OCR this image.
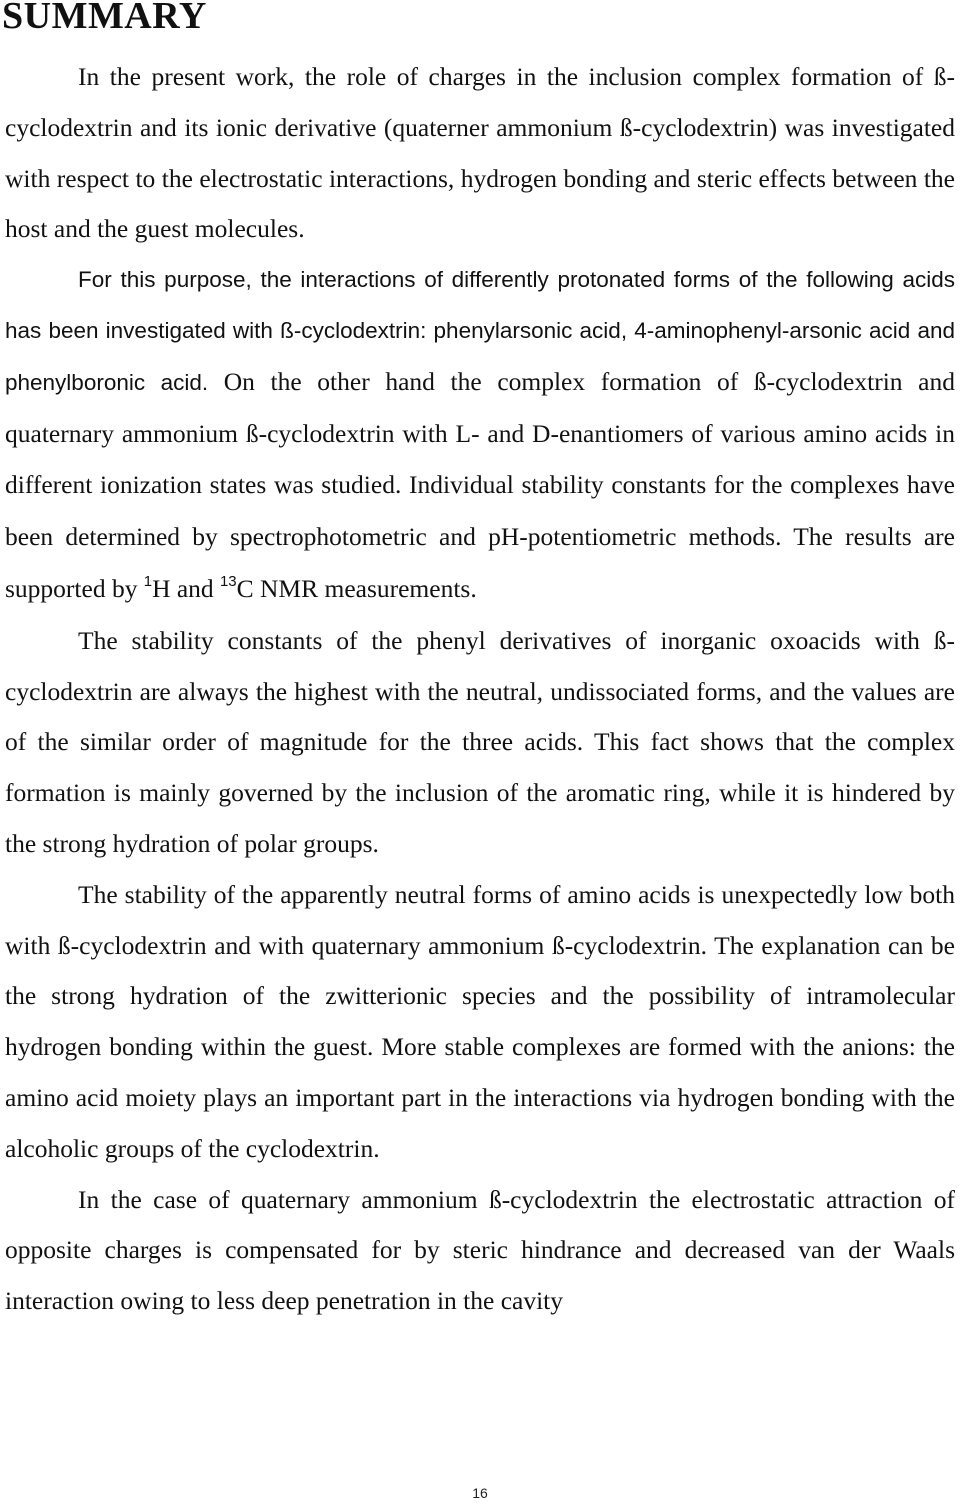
SUMMARY

In the present work, the role of charges in the inclusion complex formation of ß-cyclodextrin and its ionic derivative (quaterner ammonium ß-cyclodextrin) was investigated with respect to the electrostatic interactions, hydrogen bonding and steric effects between the host and the guest molecules.

For this purpose, the interactions of differently protonated forms of the following acids has been investigated with ß-cyclodextrin: phenylarsonic acid, 4-aminophenyl-arsonic acid and phenylboronic acid. On the other hand the complex formation of ß-cyclodextrin and quaternary ammonium ß-cyclodextrin with L- and D-enantiomers of various amino acids in different ionization states was studied. Individual stability constants for the complexes have been determined by spectrophotometric and pH-potentiometric methods. The results are supported by $^1$H and $^{13}$C NMR measurements.

The stability constants of the phenyl derivatives of inorganic oxoacids with ß-cyclodextrin are always the highest with the neutral, undissociated forms, and the values are of the similar order of magnitude for the three acids. This fact shows that the complex formation is mainly governed by the inclusion of the aromatic ring, while it is hindered by the strong hydration of polar groups.

The stability of the apparently neutral forms of amino acids is unexpectedly low both with ß-cyclodextrin and with quaternary ammonium ß-cyclodextrin. The explanation can be the strong hydration of the zwitterionic species and the possibility of intramolecular hydrogen bonding within the guest. More stable complexes are formed with the anions: the amino acid moiety plays an important part in the interactions via hydrogen bonding with the alcoholic groups of the cyclodextrin.

In the case of quaternary ammonium ß-cyclodextrin the electrostatic attraction of opposite charges is compensated for by steric hindrance and decreased van der Waals interaction owing to less deep penetration in the cavity

16
